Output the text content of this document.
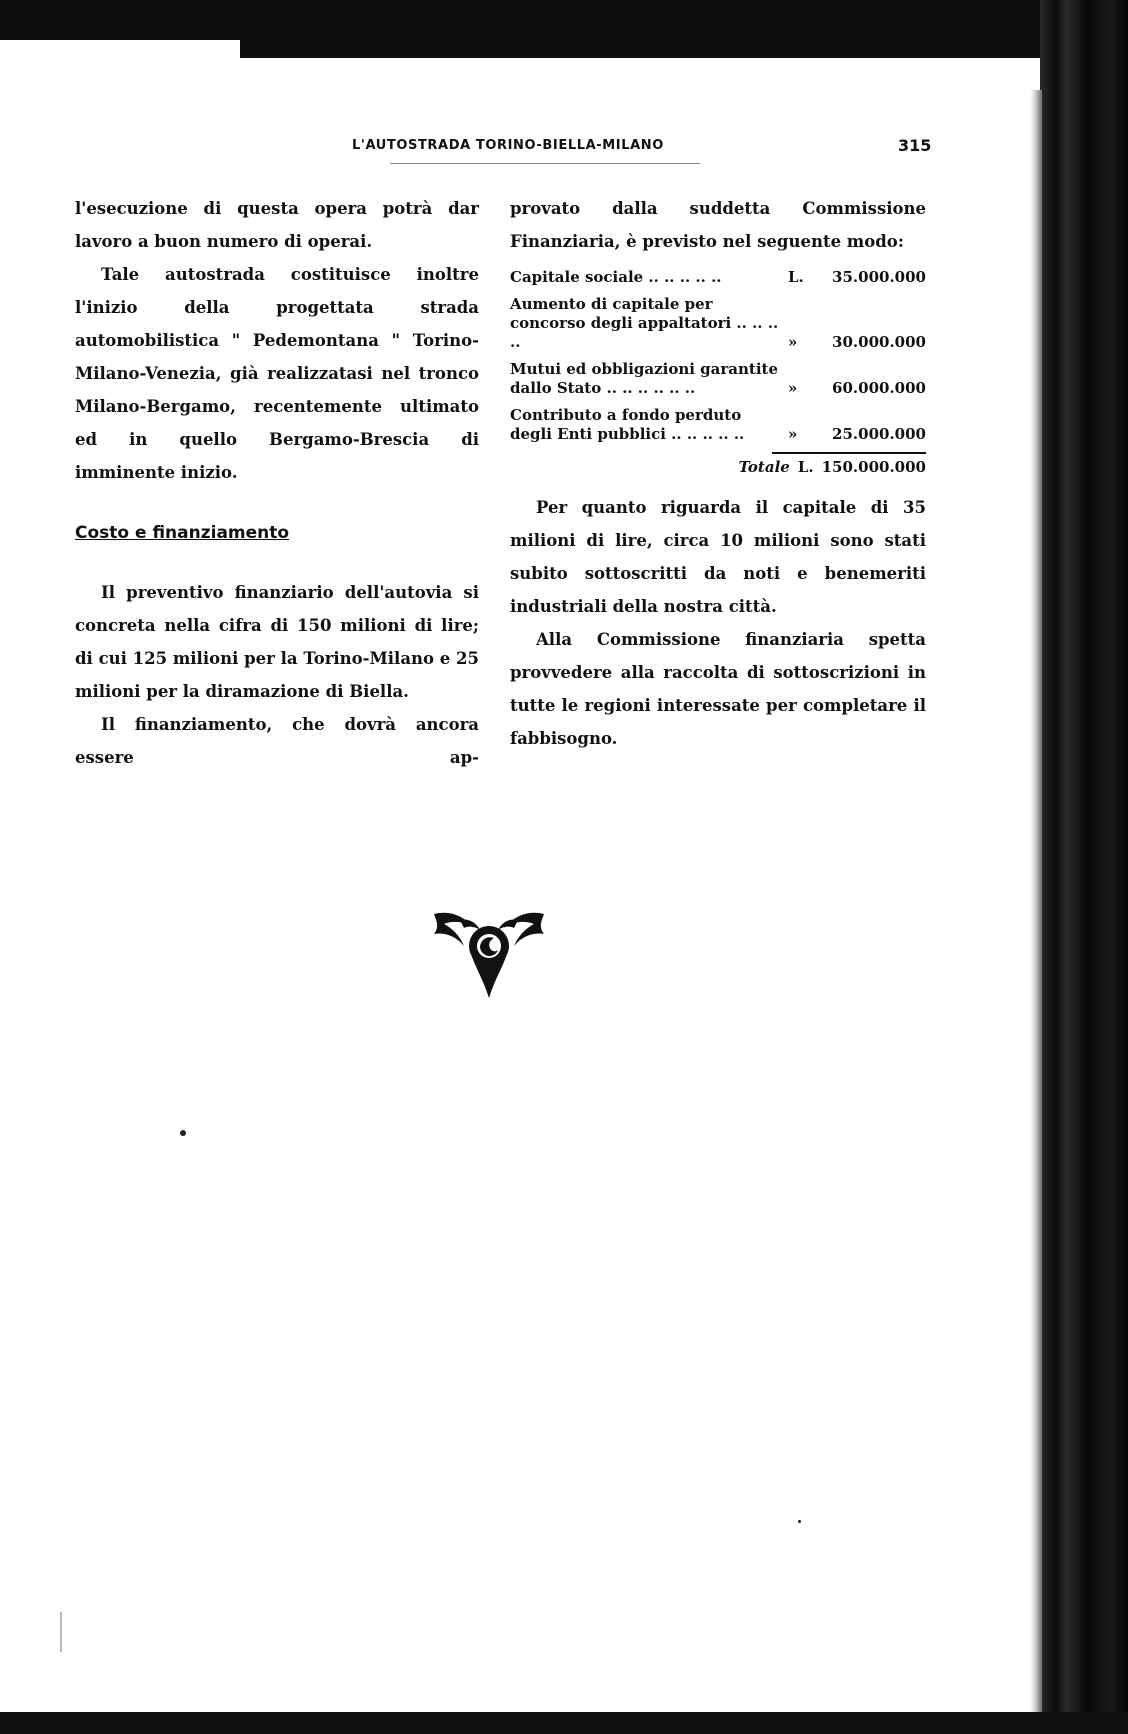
L'AUTOSTRADA TORINO-BIELLA-MILANO	315

l'esecuzione di questa opera potrà dar lavoro a buon numero di operai.

Tale autostrada costituisce inoltre l'inizio della progettata strada automobilistica " Pedemontana " Torino-Milano-Venezia, già realizzatasi nel tronco Milano-Bergamo, recentemente ultimato ed in quello Bergamo-Brescia di imminente inizio.

Costo e finanziamento

Il preventivo finanziario dell'autovia si concreta nella cifra di 150 milioni di lire; di cui 125 milioni per la Torino-Milano e 25 milioni per la diramazione di Biella.

Il finanziamento, che dovrà ancora essere ap-

provato dalla suddetta Commissione Finanziaria, è previsto nel seguente modo:

Capitale sociale .. .. .. .. ..	L.	35.000.000
Aumento di capitale per concorso degli appaltatori .. .. .. ..	»	30.000.000
Mutui ed obbligazioni garantite dallo Stato .. .. .. .. .. ..	»	60.000.000
Contributo a fondo perduto degli Enti pubblici .. .. .. .. ..	»	25.000.000
Totale L. 150.000.000

Per quanto riguarda il capitale di 35 milioni di lire, circa 10 milioni sono stati subito sottoscritti da noti e benemeriti industriali della nostra città.

Alla Commissione finanziaria spetta provvedere alla raccolta di sottoscrizioni in tutte le regioni interessate per completare il fabbisogno.
